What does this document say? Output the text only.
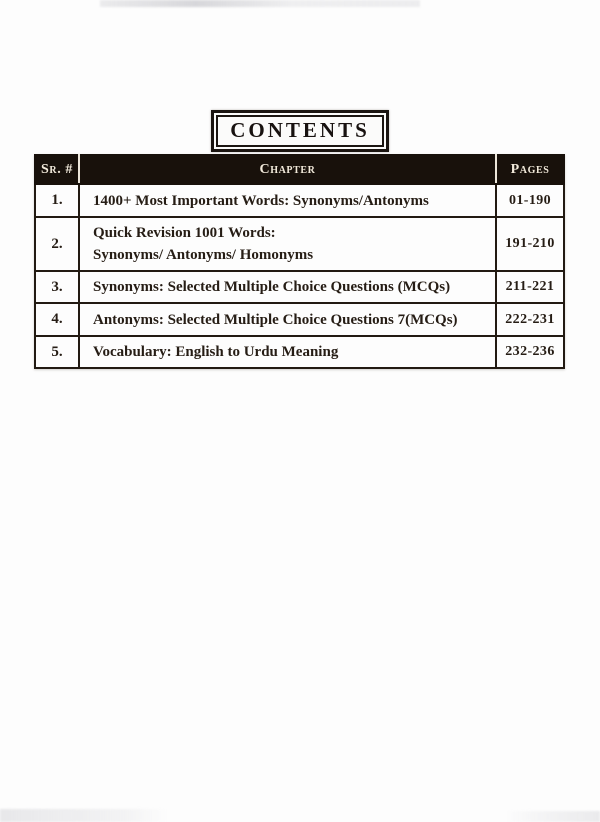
CONTENTS
Sr. #	Chapter	Pages
1.	1400+ Most Important Words: Synonyms/Antonyms	01-190
2.	Quick Revision 1001 Words:
Synonyms/ Antonyms/ Homonyms	191-210
3.	Synonyms: Selected Multiple Choice Questions (MCQs)	211-221
4.	Antonyms: Selected Multiple Choice Questions 7(MCQs)	222-231
5.	Vocabulary: English to Urdu Meaning	232-236
